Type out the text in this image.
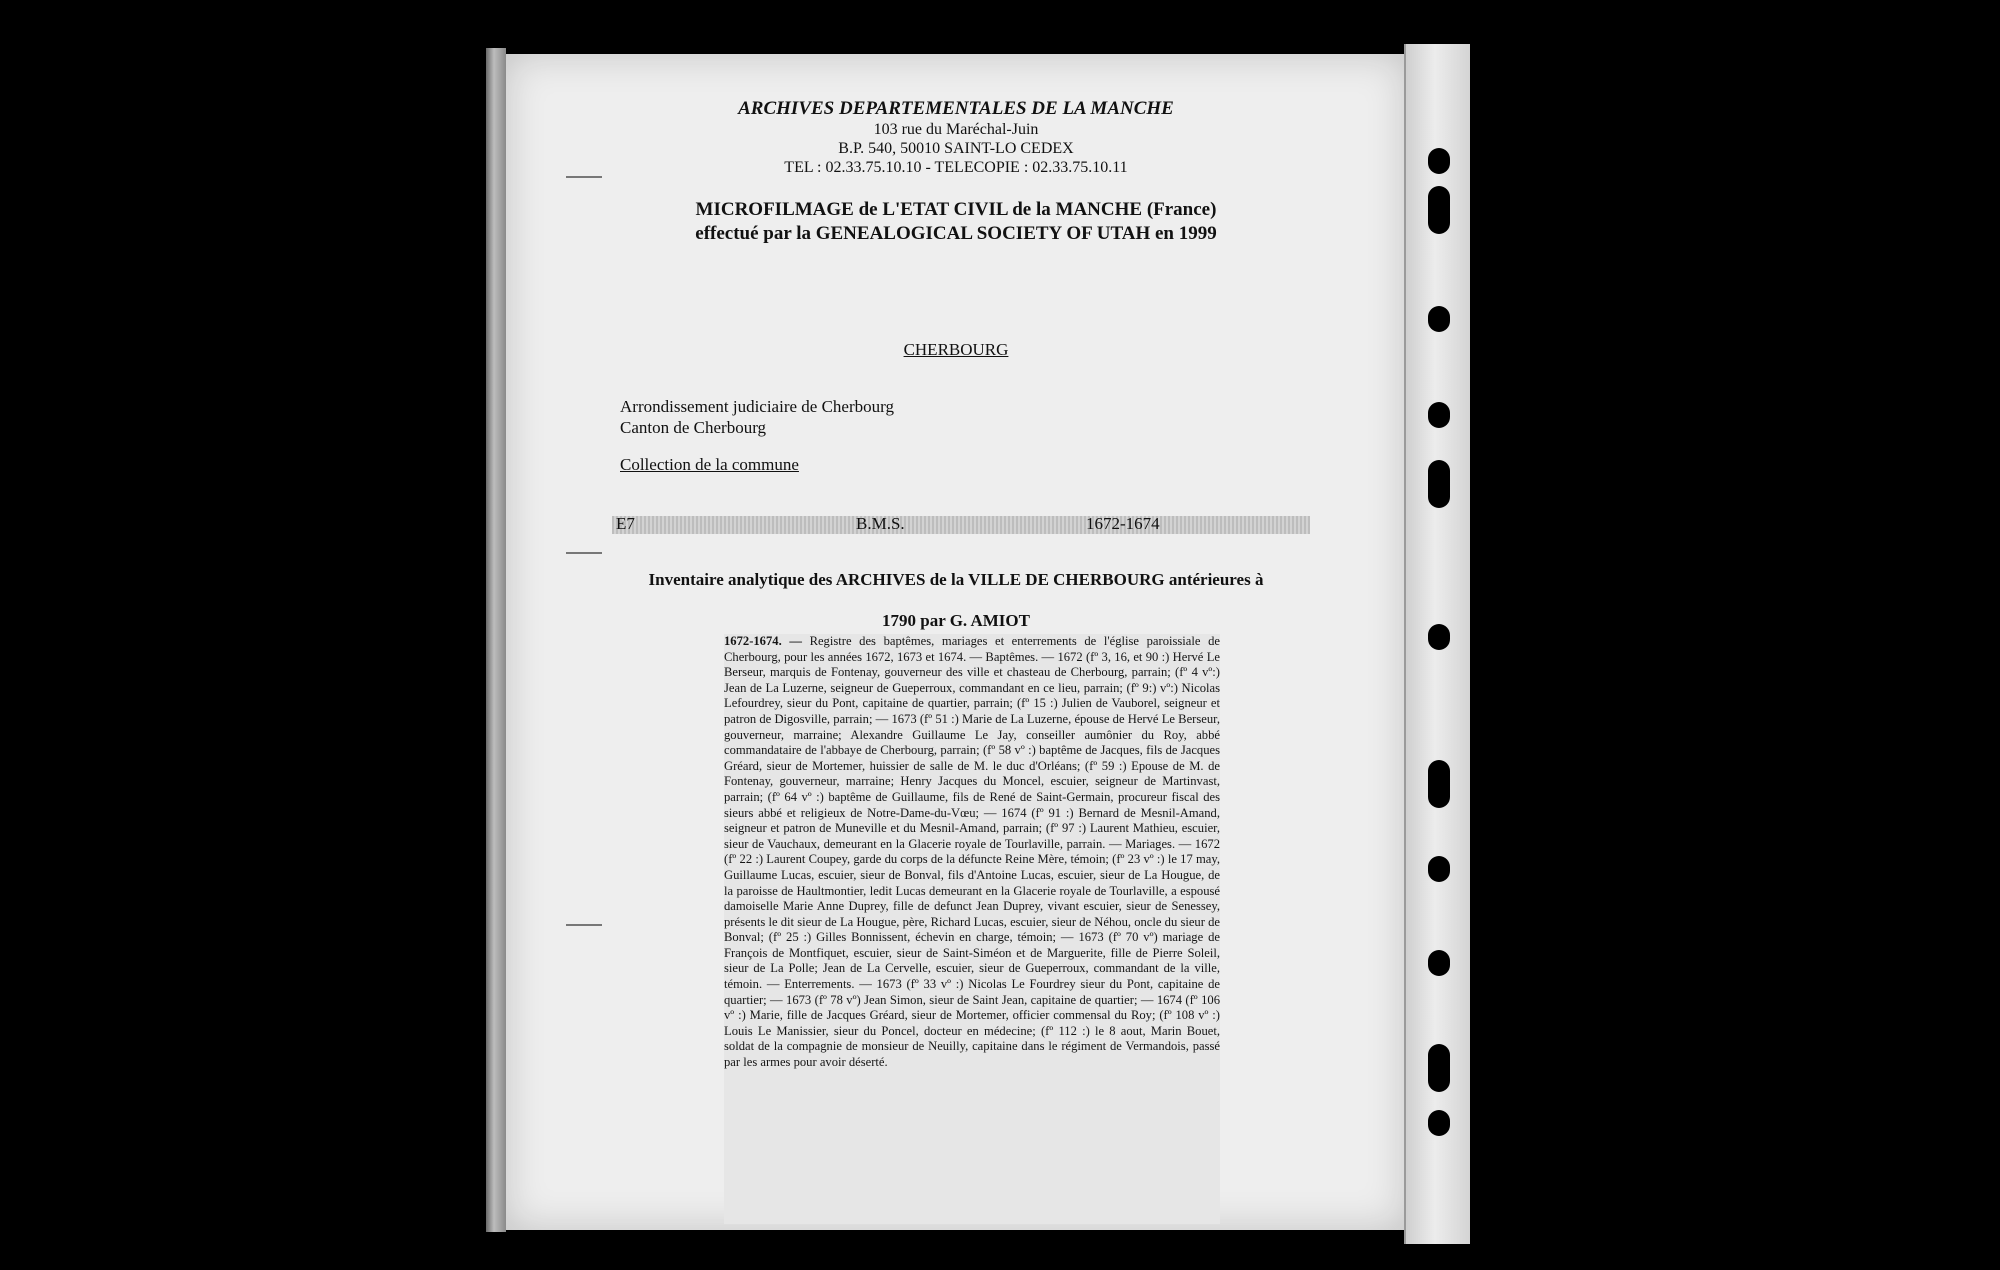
ARCHIVES DEPARTEMENTALES DE LA MANCHE
103 rue du Maréchal-Juin
B.P. 540, 50010 SAINT-LO CEDEX
TEL : 02.33.75.10.10 - TELECOPIE : 02.33.75.10.11
MICROFILMAGE de L'ETAT CIVIL de la MANCHE (France)
effectué par la GENEALOGICAL SOCIETY OF UTAH en 1999
CHERBOURG
Arrondissement judiciaire de Cherbourg
Canton de Cherbourg
Collection de la commune
E7	B.M.S.	1672-1674
Inventaire analytique des ARCHIVES de la VILLE DE CHERBOURG antérieures à
1790 par G. AMIOT
1672-1674. — Registre des baptêmes, mariages et enterrements de l'église paroissiale de Cherbourg, pour les années 1672, 1673 et 1674. — Baptêmes. — 1672 (fº 3, 16, et 90 :) Hervé Le Berseur, marquis de Fontenay, gouverneur des ville et chasteau de Cherbourg, parrain; (fº 4 vº:) Jean de La Luzerne, seigneur de Gueperroux, commandant en ce lieu, parrain; (fº 9:) vº:) Nicolas Lefourdrey, sieur du Pont, capitaine de quartier, parrain; (fº 15 :) Julien de Vauborel, seigneur et patron de Digosville, parrain; — 1673 (fº 51 :) Marie de La Luzerne, épouse de Hervé Le Berseur, gouverneur, marraine; Alexandre Guillaume Le Jay, conseiller aumônier du Roy, abbé commandataire de l'abbaye de Cherbourg, parrain; (fº 58 vº :) baptême de Jacques, fils de Jacques Gréard, sieur de Mortemer, huissier de salle de M. le duc d'Orléans; (fº 59 :) Epouse de M. de Fontenay, gouverneur, marraine; Henry Jacques du Moncel, escuier, seigneur de Martinvast, parrain; (fº 64 vº :) baptême de Guillaume, fils de René de Saint-Germain, procureur fiscal des sieurs abbé et religieux de Notre-Dame-du-Vœu; — 1674 (fº 91 :) Bernard de Mesnil-Amand, seigneur et patron de Muneville et du Mesnil-Amand, parrain; (fº 97 :) Laurent Mathieu, escuier, sieur de Vauchaux, demeurant en la Glacerie royale de Tourlaville, parrain. — Mariages. — 1672 (fº 22 :) Laurent Coupey, garde du corps de la défuncte Reine Mère, témoin; (fº 23 vº :) le 17 may, Guillaume Lucas, escuier, sieur de Bonval, fils d'Antoine Lucas, escuier, sieur de La Hougue, de la paroisse de Haultmontier, ledit Lucas demeurant en la Glacerie royale de Tourlaville, a espousé damoiselle Marie Anne Duprey, fille de defunct Jean Duprey, vivant escuier, sieur de Senessey, présents le dit sieur de La Hougue, père, Richard Lucas, escuier, sieur de Néhou, oncle du sieur de Bonval; (fº 25 :) Gilles Bonnissent, échevin en charge, témoin; — 1673 (fº 70 vº) mariage de François de Montfiquet, escuier, sieur de Saint-Siméon et de Marguerite, fille de Pierre Soleil, sieur de La Polle; Jean de La Cervelle, escuier, sieur de Gueperroux, commandant de la ville, témoin. — Enterrements. — 1673 (fº 33 vº :) Nicolas Le Fourdrey sieur du Pont, capitaine de quartier; — 1673 (fº 78 vº) Jean Simon, sieur de Saint Jean, capitaine de quartier; — 1674 (fº 106 vº :) Marie, fille de Jacques Gréard, sieur de Mortemer, officier commensal du Roy; (fº 108 vº :) Louis Le Manissier, sieur du Poncel, docteur en médecine; (fº 112 :) le 8 aout, Marin Bouet, soldat de la compagnie de monsieur de Neuilly, capitaine dans le régiment de Vermandois, passé par les armes pour avoir déserté.
